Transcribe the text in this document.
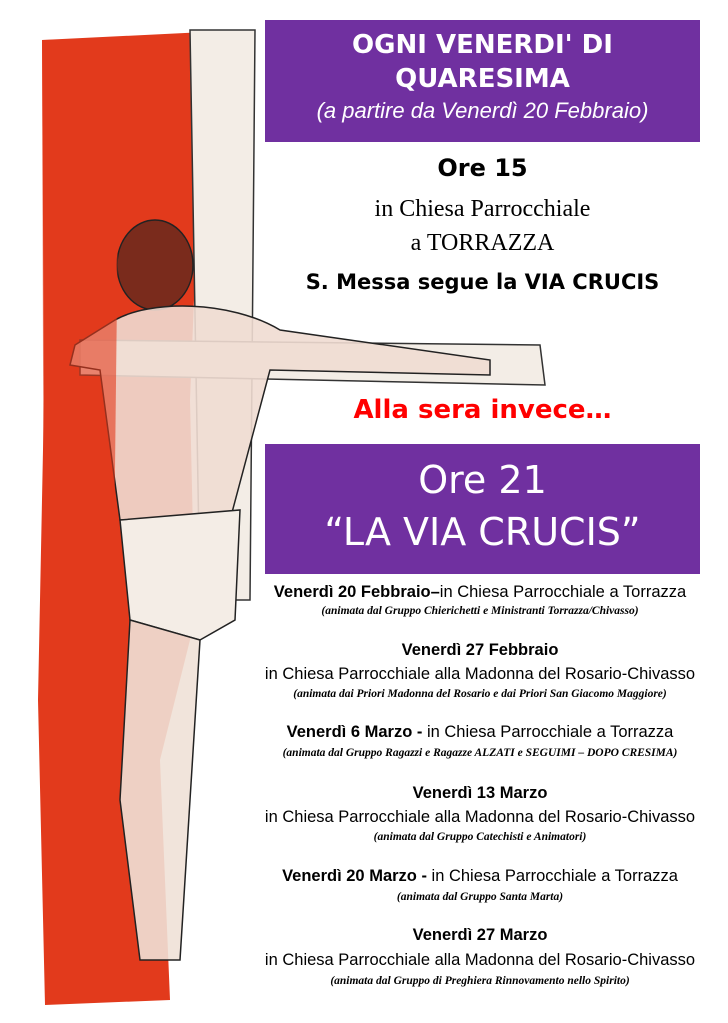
OGNI VENERDI' DI
QUARESIMA
(a partire da Venerdì 20 Febbraio)
Ore 15
in Chiesa Parrocchiale
a TORRAZZA
S. Messa segue la VIA CRUCIS
Alla sera invece…
Ore 21
“LA VIA CRUCIS”
Venerdì 20 Febbraio–in Chiesa Parrocchiale a Torrazza
(animata dal Gruppo Chierichetti e Ministranti Torrazza/Chivasso)
Venerdì 27 Febbraio
in Chiesa Parrocchiale alla Madonna del Rosario-Chivasso
(animata dai Priori Madonna del Rosario e dai Priori San Giacomo Maggiore)
Venerdì 6 Marzo - in Chiesa Parrocchiale a Torrazza
(animata dal Gruppo Ragazzi e Ragazze ALZATI e SEGUIMI – DOPO CRESIMA)
Venerdì 13 Marzo
in Chiesa Parrocchiale alla Madonna del Rosario-Chivasso
(animata dal Gruppo Catechisti e Animatori)
Venerdì 20 Marzo - in Chiesa Parrocchiale a Torrazza
(animata dal Gruppo Santa Marta)
Venerdì 27 Marzo
in Chiesa Parrocchiale alla Madonna del Rosario-Chivasso
(animata dal Gruppo di Preghiera Rinnovamento nello Spirito)
